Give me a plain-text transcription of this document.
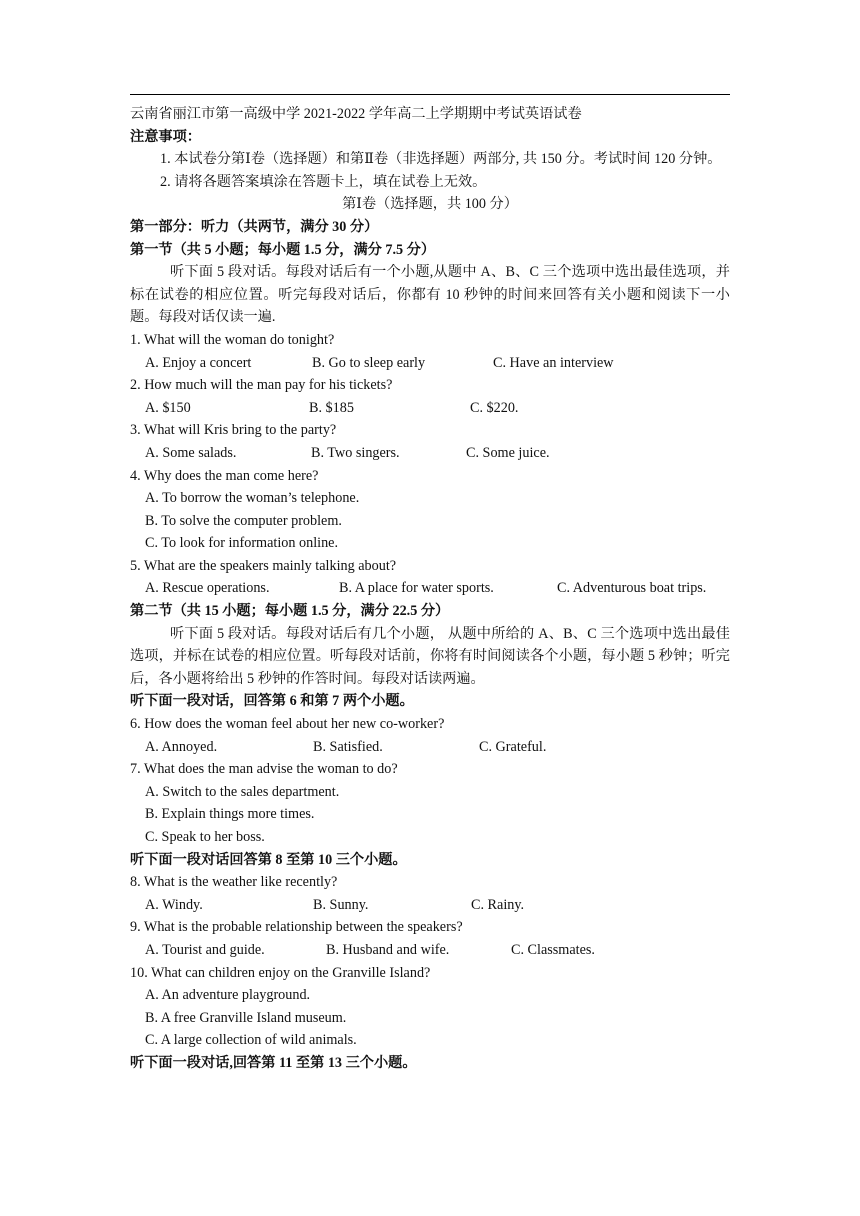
云南省丽江市第一高级中学 2021-2022 学年高二上学期期中考试英语试卷
注意事项：
1. 本试卷分第Ⅰ卷（选择题）和第Ⅱ卷（非选择题）两部分, 共 150 分。考试时间 120 分钟。
2. 请将各题答案填涂在答题卡上，填在试卷上无效。
第Ⅰ卷（选择题，共 100 分）
第一部分：听力（共两节，满分 30 分）
第一节（共 5 小题；每小题 1.5 分，满分 7.5 分）
听下面 5 段对话。每段对话后有一个小题,从题中 A、B、C 三个选项中选出最佳选项，并标在试卷的相应位置。听完每段对话后，你都有 10 秒钟的时间来回答有关小题和阅读下一小题。每段对话仅读一遍.
1. What will the woman do tonight?
A. Enjoy a concert	B. Go to sleep early	C. Have an interview
2. How much will the man pay for his tickets?
A. $150	B. $185	C. $220.
3. What will Kris bring to the party?
A. Some salads.	B. Two singers.	C. Some juice.
4. Why does the man come here?
A. To borrow the woman’s telephone.
B. To solve the computer problem.
C. To look for information online.
5. What are the speakers mainly talking about?
A. Rescue operations.	B. A place for water sports.	C. Adventurous boat trips.
第二节（共 15 小题；每小题 1.5 分，满分 22.5 分）
听下面 5 段对话。每段对话后有几个小题， 从题中所给的 A、B、C 三个选项中选出最佳选项，并标在试卷的相应位置。听每段对话前，你将有时间阅读各个小题，每小题 5 秒钟；听完后，各小题将给出 5 秒钟的作答时间。每段对话读两遍。
听下面一段对话，回答第 6 和第 7 两个小题。
6. How does the woman feel about her new co-worker?
A. Annoyed.	B. Satisfied.	C. Grateful.
7. What does the man advise the woman to do?
A. Switch to the sales department.
B. Explain things more times.
C. Speak to her boss.
听下面一段对话回答第 8 至第 10 三个小题。
8. What is the weather like recently?
A. Windy.	B. Sunny.	C. Rainy.
9. What is the probable relationship between the speakers?
A. Tourist and guide.	B. Husband and wife.	C. Classmates.
10. What can children enjoy on the Granville Island?
A. An adventure playground.
B. A free Granville Island museum.
C. A large collection of wild animals.
听下面一段对话,回答第 11 至第 13 三个小题。
